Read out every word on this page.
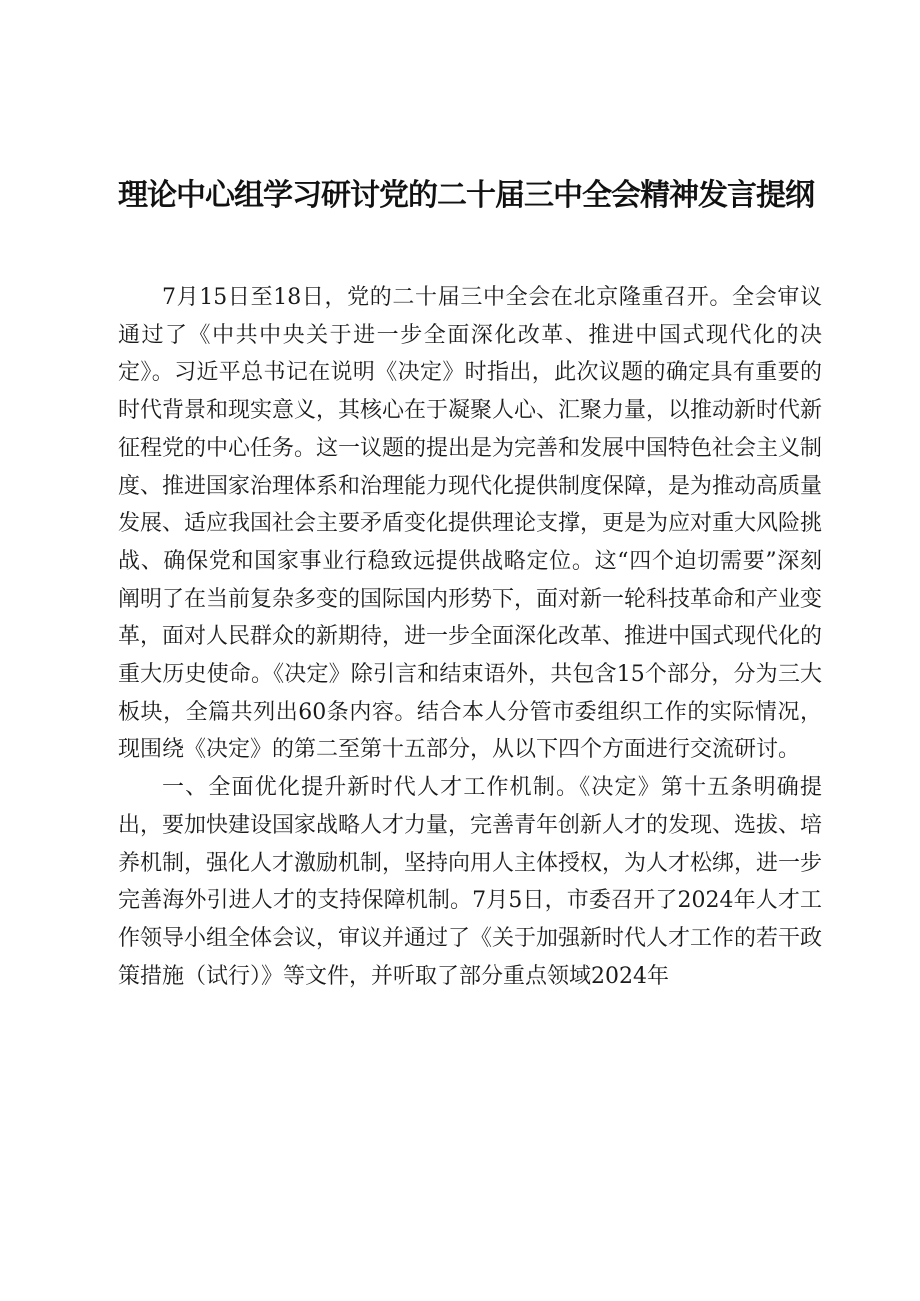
理论中心组学习研讨党的二十届三中全会精神发言提纲

7月15日至18日，党的二十届三中全会在北京隆重召开。全会审议通过了《中共中央关于进一步全面深化改革、推进中国式现代化的决定》。习近平总书记在说明《决定》时指出，此次议题的确定具有重要的时代背景和现实意义，其核心在于凝聚人心、汇聚力量，以推动新时代新征程党的中心任务。这一议题的提出是为完善和发展中国特色社会主义制度、推进国家治理体系和治理能力现代化提供制度保障，是为推动高质量发展、适应我国社会主要矛盾变化提供理论支撑，更是为应对重大风险挑战、确保党和国家事业行稳致远提供战略定位。这“四个迫切需要”深刻阐明了在当前复杂多变的国际国内形势下，面对新一轮科技革命和产业变革，面对人民群众的新期待，进一步全面深化改革、推进中国式现代化的重大历史使命。《决定》除引言和结束语外，共包含15个部分，分为三大板块，全篇共列出60条内容。结合本人分管市委组织工作的实际情况，现围绕《决定》的第二至第十五部分，从以下四个方面进行交流研讨。

一、全面优化提升新时代人才工作机制。《决定》第十五条明确提出，要加快建设国家战略人才力量，完善青年创新人才的发现、选拔、培养机制，强化人才激励机制，坚持向用人主体授权，为人才松绑，进一步完善海外引进人才的支持保障机制。7月5日，市委召开了2024年人才工作领导小组全体会议，审议并通过了《关于加强新时代人才工作的若干政策措施（试行）》等文件，并听取了部分重点领域2024年
